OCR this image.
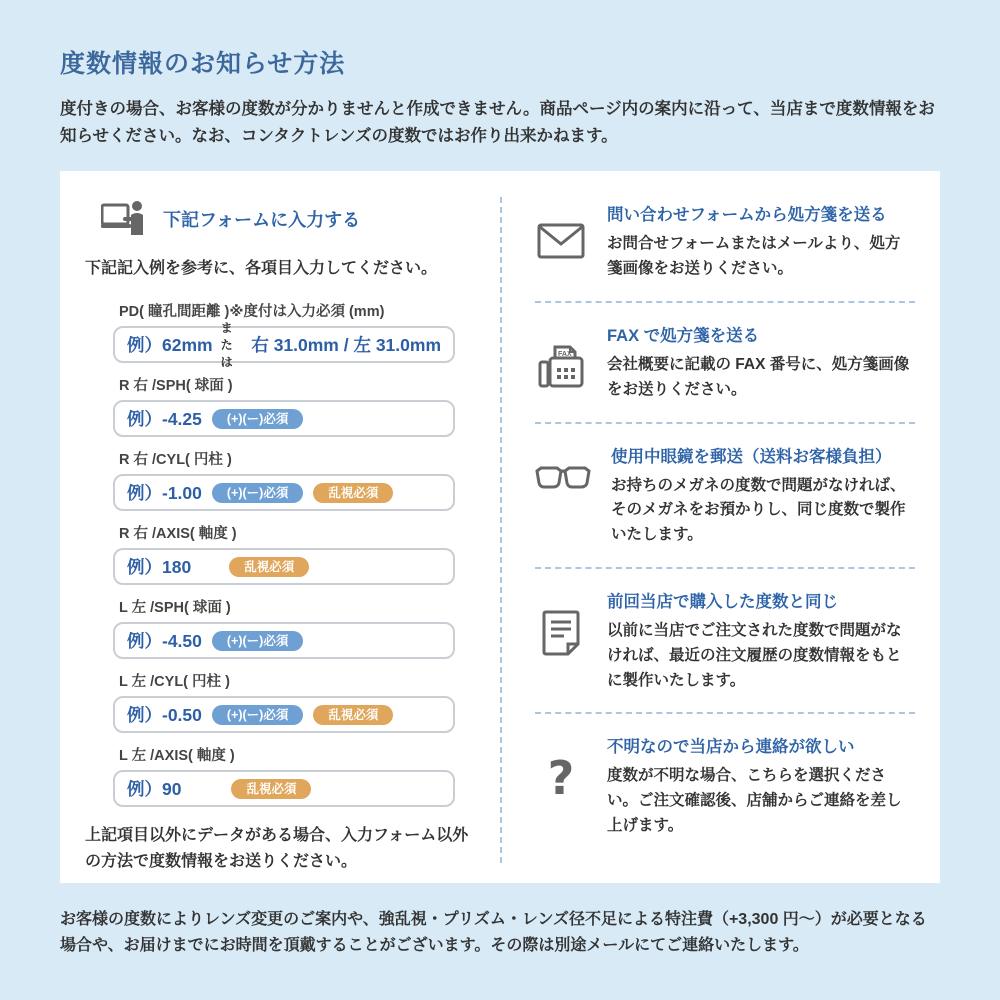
度数情報のお知らせ方法

度付きの場合、お客様の度数が分かりませんと作成できません。商品ページ内の案内に沿って、当店まで度数情報をお知らせください。なお、コンタクトレンズの度数ではお作り出来かねます。

下記フォームに入力する

下記記入例を参考に、各項目入力してください。

PD( 瞳孔間距離 )※度付は入力必須 (mm)
例）62mm
または
右 31.0mm / 左 31.0mm
R 右 /SPH( 球面 )
例）-4.25	(+)(ー)必須
R 右 /CYL( 円柱 )
例）-1.00	(+)(ー)必須	乱視必須
R 右 /AXIS( 軸度 )
例）180	乱視必須
L 左 /SPH( 球面 )
例）-4.50	(+)(ー)必須
L 左 /CYL( 円柱 )
例）-0.50	(+)(ー)必須	乱視必須
L 左 /AXIS( 軸度 )
例）90	乱視必須

上記項目以外にデータがある場合、入力フォーム以外の方法で度数情報をお送りください。

問い合わせフォームから処方箋を送る

お問合せフォームまたはメールより、処方箋画像をお送りください。

FAX
FAX で処方箋を送る

会社概要に記載の FAX 番号に、処方箋画像をお送りください。

使用中眼鏡を郵送（送料お客様負担）

お持ちのメガネの度数で問題がなければ、そのメガネをお預かりし、同じ度数で製作いたします。

前回当店で購入した度数と同じ

以前に当店でご注文された度数で問題がなければ、最近の注文履歴の度数情報をもとに製作いたします。

?
不明なので当店から連絡が欲しい

度数が不明な場合、こちらを選択ください。ご注文確認後、店舗からご連絡を差し上げます。

お客様の度数によりレンズ変更のご案内や、強乱視・プリズム・レンズ径不足による特注費（+3,300 円〜）が必要となる場合や、お届けまでにお時間を頂戴することがございます。その際は別途メールにてご連絡いたします。
